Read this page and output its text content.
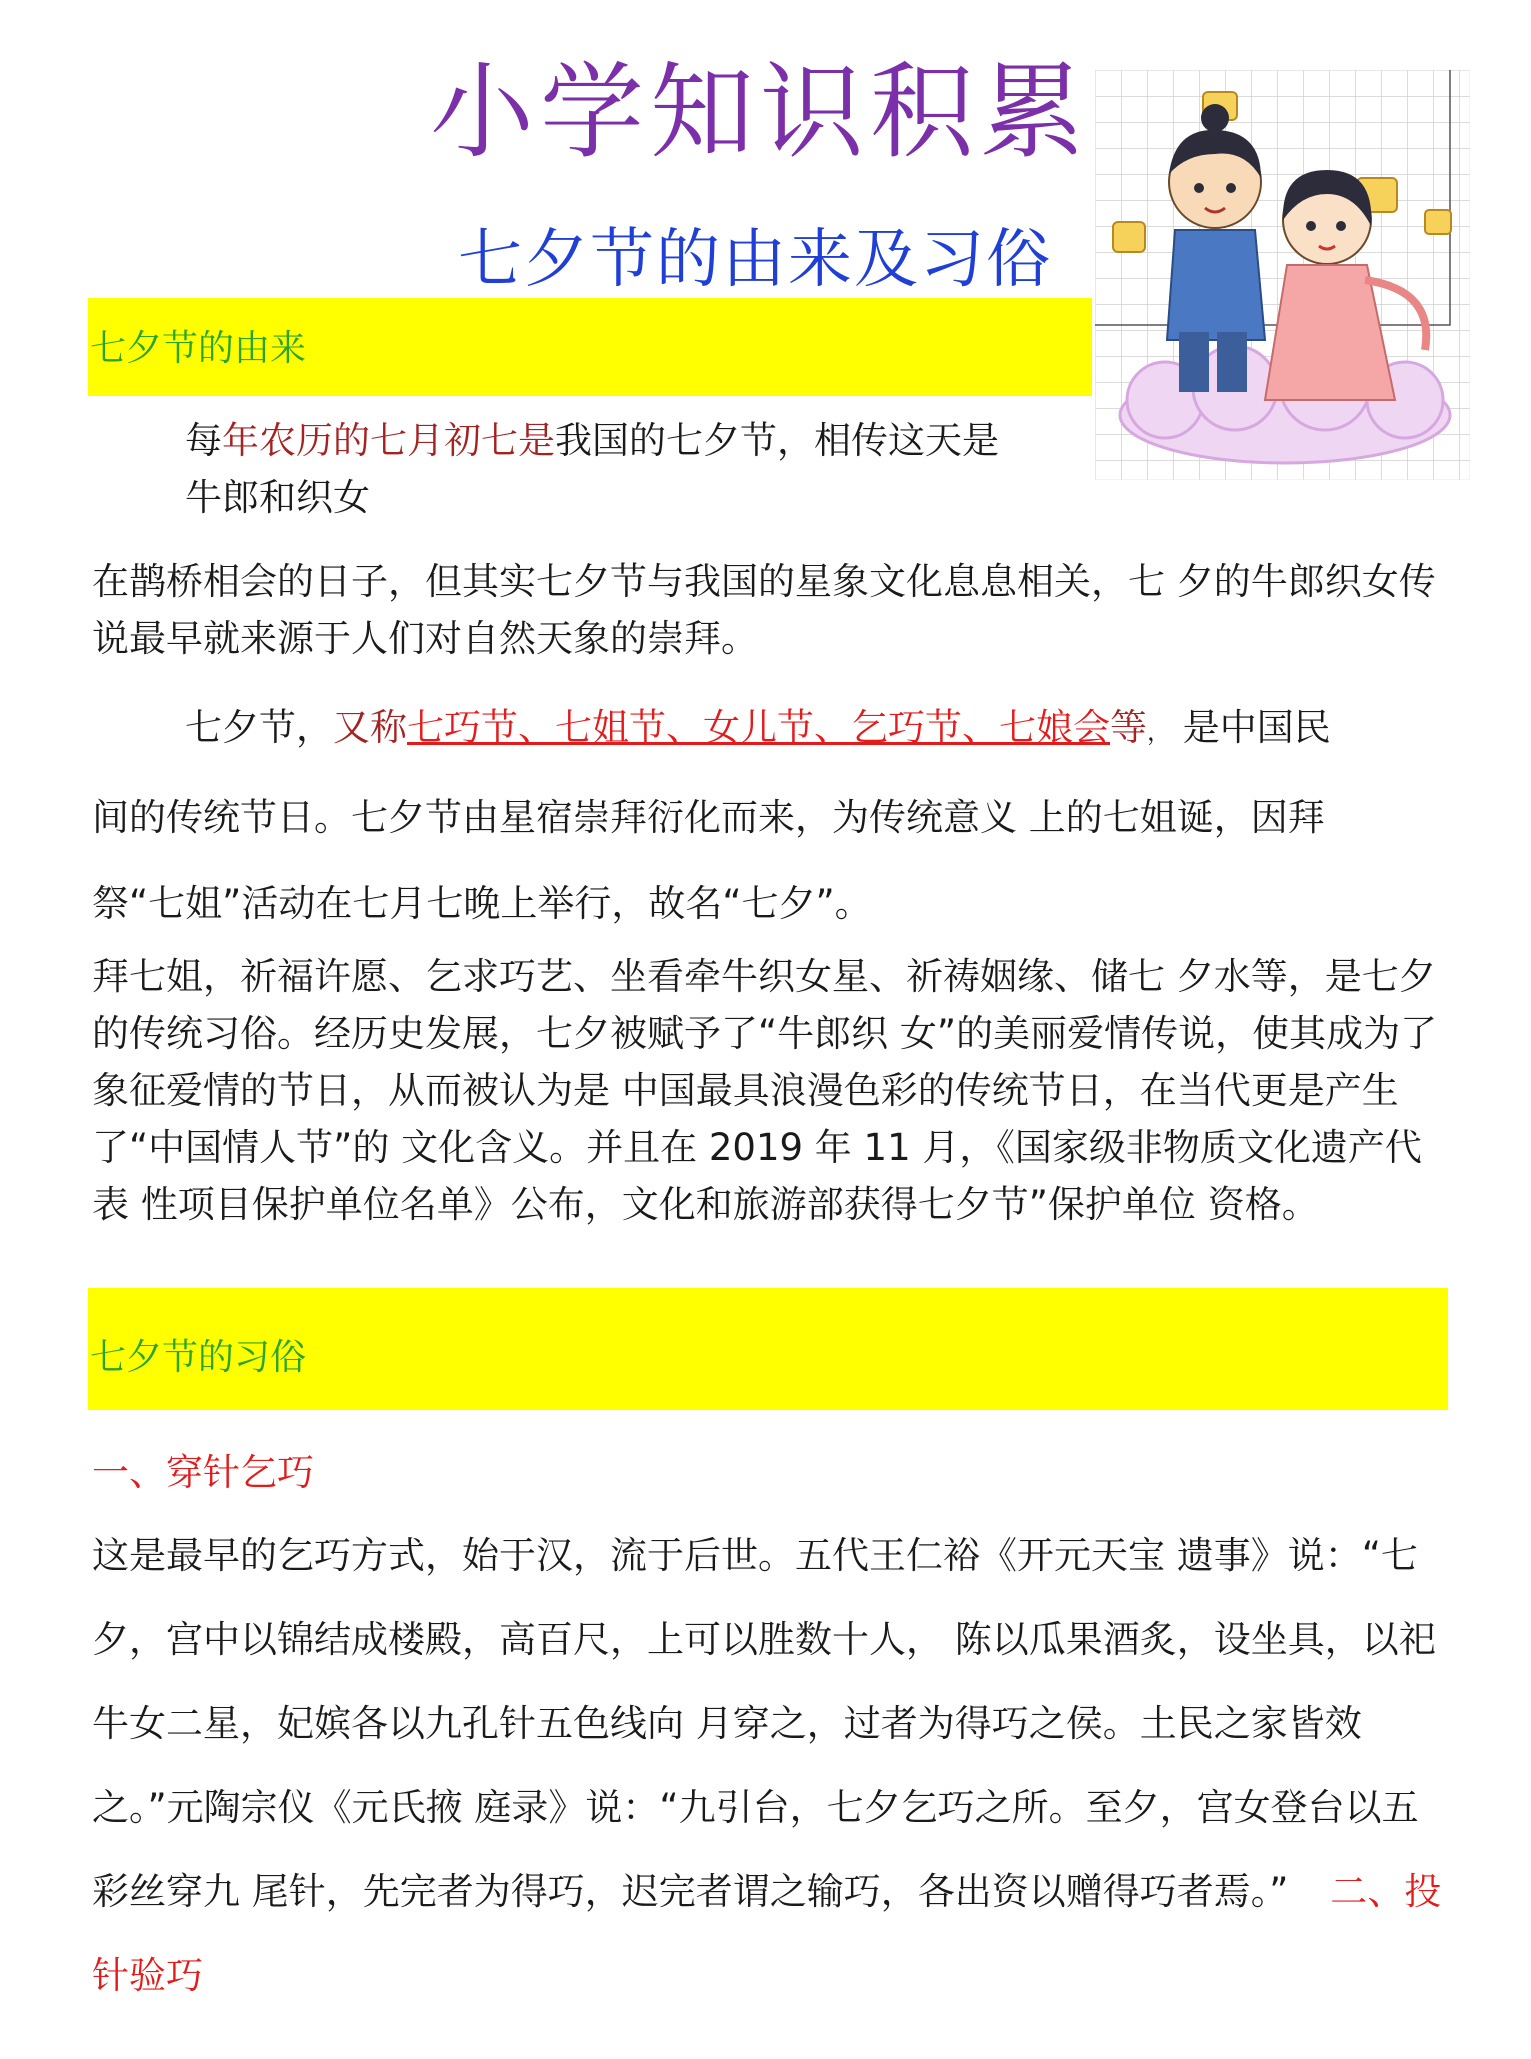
小学知识积累
七夕节的由来及习俗
七夕节的由来
每年农历的七月初七是我国的七夕节，相传这天是
牛郎和织女
在鹊桥相会的日子，但其实七夕节与我国的星象文化息息相关，七 夕的牛郎织女传说最早就来源于人们对自然天象的崇拜。
七夕节，又称七巧节、七姐节、女儿节、乞巧节、七娘会等， 是中国民
间的传统节日。七夕节由星宿崇拜衍化而来，为传统意义 上的七姐诞，因拜
祭“七姐”活动在七月七晚上举行，故名“七夕”。
拜七姐，祈福许愿、乞求巧艺、坐看牵牛织女星、祈祷姻缘、储七 夕水等，是七夕的传统习俗。经历史发展，七夕被赋予了“牛郎织 女”的美丽爱情传说，使其成为了象征爱情的节日，从而被认为是 中国最具浪漫色彩的传统节日，在当代更是产生了“中国情人节”的 文化含义。并且在 2019 年 11 月，《国家级非物质文化遗产代表 性项目保护单位名单》公布，文化和旅游部获得七夕节”保护单位 资格。
七夕节的习俗
一、穿针乞巧
这是最早的乞巧方式，始于汉，流于后世。五代王仁裕《开元天宝 遗事》说：“七夕，宫中以锦结成楼殿，高百尺，上可以胜数十人， 陈以瓜果酒炙，设坐具，以祀牛女二星，妃嫔各以九孔针五色线向 月穿之，过者为得巧之侯。土民之家皆效之。”元陶宗仪《元氏掖 庭录》说：“九引台，七夕乞巧之所。至夕，宫女登台以五彩丝穿九 尾针，先完者为得巧，迟完者谓之输巧，各出资以赠得巧者焉。” 二、投针验巧
